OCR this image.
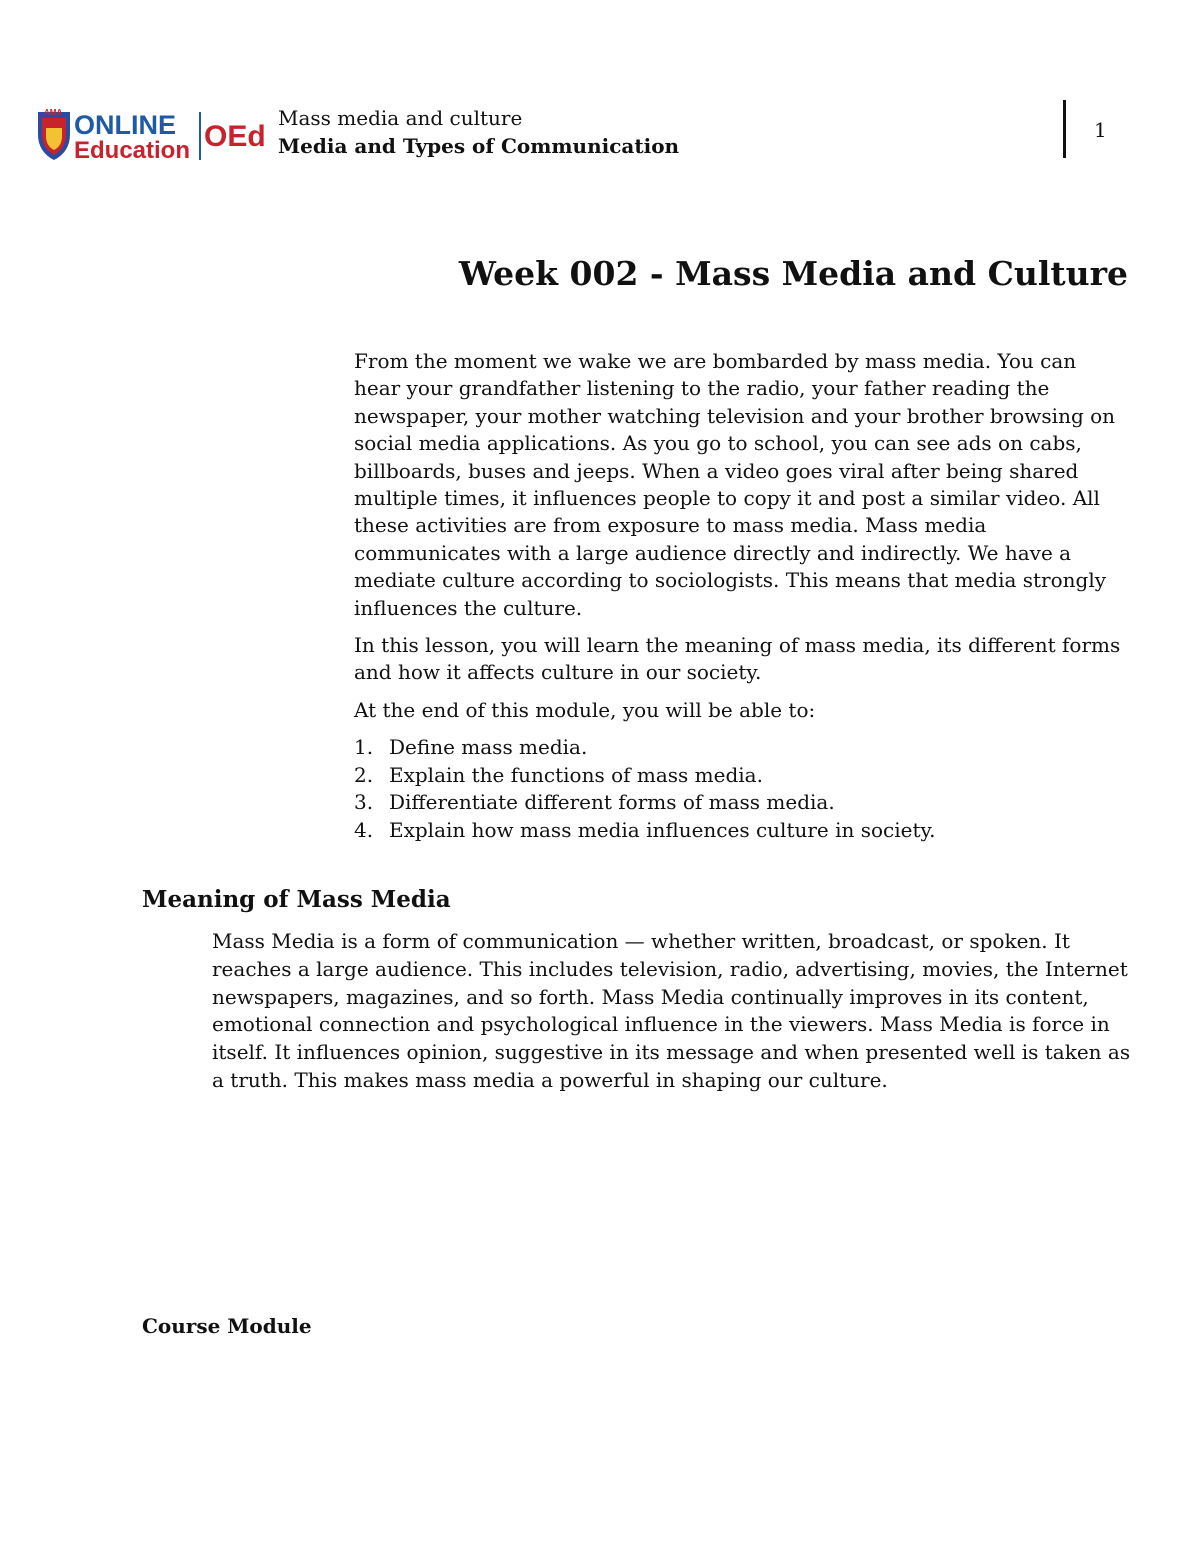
AMA ONLINE
Education OEd
Mass media and culture
Media and Types of Communication
1
Week 002 - Mass Media and Culture

From the moment we wake we are bombarded by mass media. You can hear your grandfather listening to the radio, your father reading the newspaper, your mother watching television and your brother browsing on social media applications. As you go to school, you can see ads on cabs, billboards, buses and jeeps. When a video goes viral after being shared multiple times, it influences people to copy it and post a similar video. All these activities are from exposure to mass media. Mass media communicates with a large audience directly and indirectly. We have a mediate culture according to sociologists. This means that media strongly influences the culture.

In this lesson, you will learn the meaning of mass media, its different forms and how it affects culture in our society.

At the end of this module, you will be able to:

1. Define mass media.
2. Explain the functions of mass media.
3. Differentiate different forms of mass media.
4. Explain how mass media influences culture in society.
Meaning of Mass Media

Mass Media is a form of communication — whether written, broadcast, or spoken. It reaches a large audience. This includes television, radio, advertising, movies, the Internet newspapers, magazines, and so forth. Mass Media continually improves in its content, emotional connection and psychological influence in the viewers. Mass Media is force in itself. It influences opinion, suggestive in its message and when presented well is taken as a truth. This makes mass media a powerful in shaping our culture.

Course Module
